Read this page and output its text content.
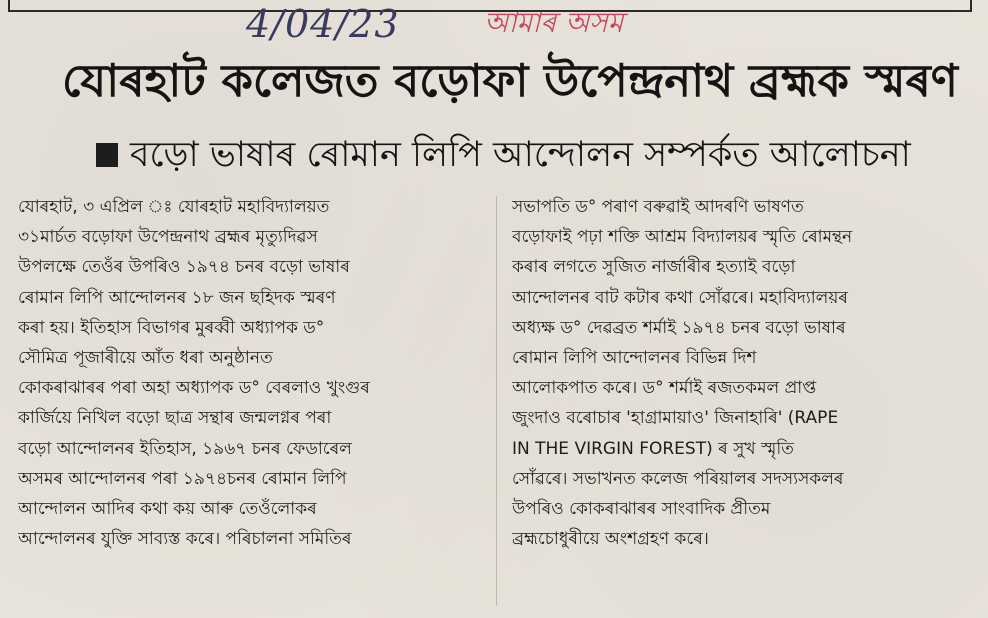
4/04/23	আমাৰ অসম
যোৰহাট কলেজত বড়োফা উপেন্দ্ৰনাথ ব্ৰহ্মক স্মৰণ
বড়ো ভাষাৰ ৰোমান লিপি আন্দোলন সম্পৰ্কত আলোচনা
যোৰহাট, ৩ এপ্ৰিল ঃ যোৰহাট মহাবিদ্যালয়ত
৩১মাৰ্চত বড়োফা উপেন্দ্ৰনাথ ব্ৰহ্মৰ মৃত্যুদিৱস
উপলক্ষে তেওঁৰ উপৰিও ১৯৭৪ চনৰ বড়ো ভাষাৰ
ৰোমান লিপি আন্দোলনৰ ১৮ জন ছহিদক স্মৰণ
কৰা হয়। ইতিহাস বিভাগৰ মুৰব্বী অধ্যাপক ড°
সৌমিত্ৰ পূজাৰীয়ে আঁত ধৰা অনুষ্ঠানত
কোকৰাঝাৰৰ পৰা অহা অধ্যাপক ড° বেৰলাও খুংগুৰ
কাৰ্জিয়ে নিখিল বড়ো ছাত্ৰ সন্থাৰ জন্মলগ্নৰ পৰা
বড়ো আন্দোলনৰ ইতিহাস, ১৯৬৭ চনৰ ফেডাৰেল
অসমৰ আন্দোলনৰ পৰা ১৯৭৪চনৰ ৰোমান লিপি
আন্দোলন আদিৰ কথা কয় আৰু তেওঁলোকৰ
আন্দোলনৰ যুক্তি সাব্যস্ত কৰে। পৰিচালনা সমিতিৰ
সভাপতি ড° পৰাণ বৰুৱাই আদৰণি ভাষণত
বড়োফাই পঢ়া শক্তি আশ্ৰম বিদ্যালয়ৰ স্মৃতি ৰোমন্থন
কৰাৰ লগতে সুজিত নাৰ্জাৰীৰ হত্যাই বড়ো
আন্দোলনৰ বাট কটাৰ কথা সোঁৱৰে। মহাবিদ্যালয়ৰ
অধ্যক্ষ ড° দেৱব্ৰত শৰ্মাই ১৯৭৪ চনৰ বড়ো ভাষাৰ
ৰোমান লিপি আন্দোলনৰ বিভিন্ন দিশ
আলোকপাত কৰে। ড° শৰ্মাই ৰজতকমল প্ৰাপ্ত
জুংদাও বৰোচাৰ 'হাগ্ৰামায়াও' জিনাহাৰি' (RAPE
IN THE VIRGIN FOREST) ৰ সুখ স্মৃতি
সোঁৱৰে। সভাখনত কলেজ পৰিয়ালৰ সদস্যসকলৰ
উপৰিও কোকৰাঝাৰৰ সাংবাদিক প্ৰীতম
ব্ৰহ্মচোধুৰীয়ে অংশগ্ৰহণ কৰে।
